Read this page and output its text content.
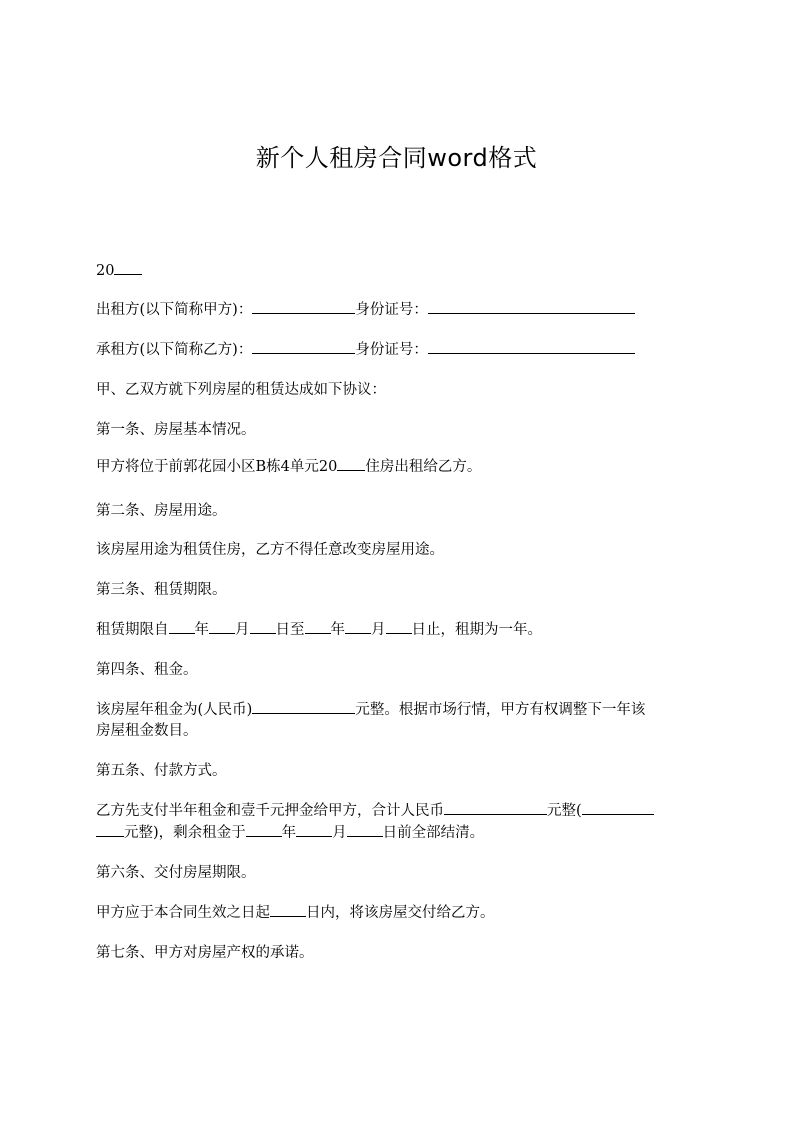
新个人租房合同word格式
20
出租方(以下简称甲方)：	身份证号：
承租方(以下简称乙方)：	身份证号：
甲、乙双方就下列房屋的租赁达成如下协议：
第一条、房屋基本情况。
甲方将位于前郭花园小区B栋4单元20 住房出租给乙方。
第二条、房屋用途。
该房屋用途为租赁住房，乙方不得任意改变房屋用途。
第三条、租赁期限。
租赁期限自 年 月 日至 年 月 日止，租期为一年。
第四条、租金。
该房屋年租金为(人民币)	元整。根据市场行情，甲方有权调整下一年该
房屋租金数目。
第五条、付款方式。
乙方先支付半年租金和壹千元押金给甲方，合计人民币	元整(
元整)，剩余租金于 年 月 日前全部结清。
第六条、交付房屋期限。
甲方应于本合同生效之日起 日内，将该房屋交付给乙方。
第七条、甲方对房屋产权的承诺。
